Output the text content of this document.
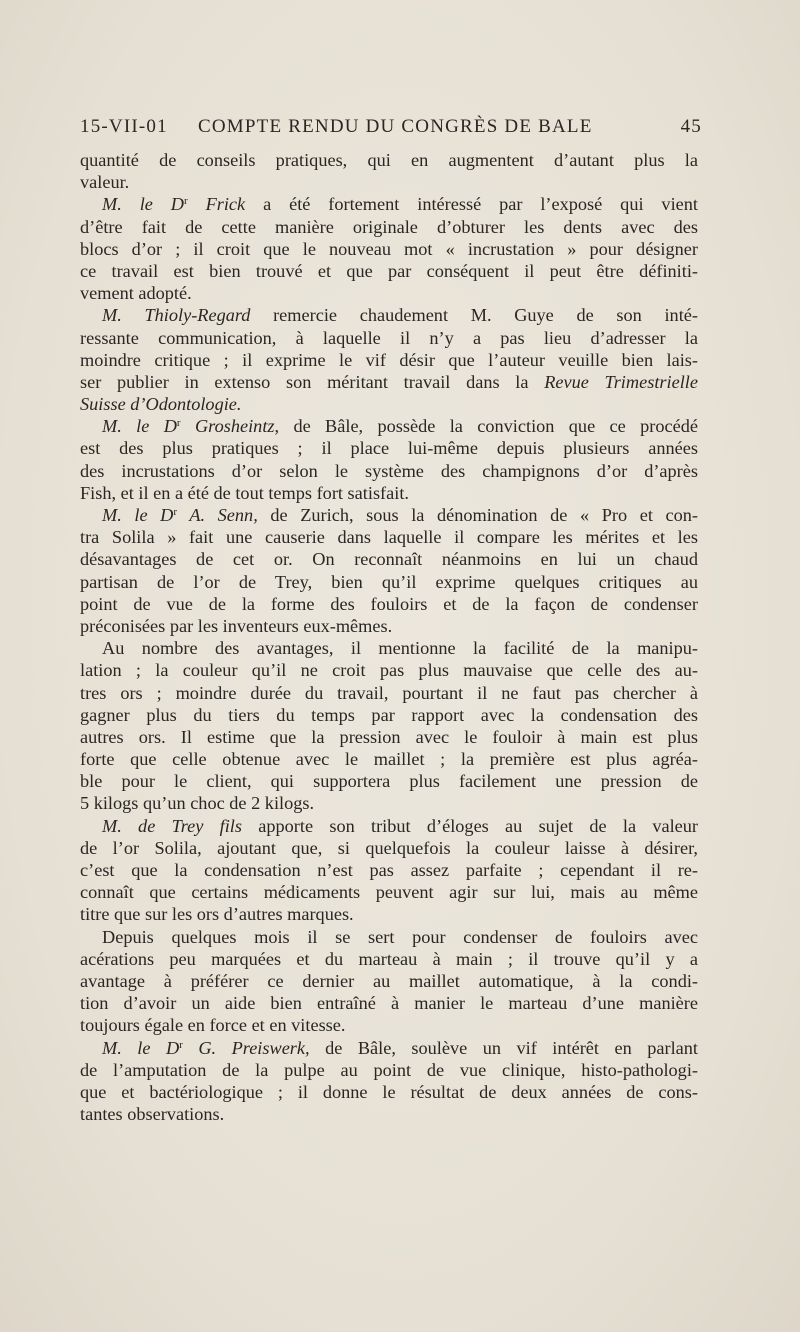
15-VII-01 COMPTE RENDU DU CONGRÈS DE BALE	45
quantité de conseils pratiques, qui en augmentent d’autant plus la
valeur.
M. le $D^r$ Frick a été fortement intéressé par l’exposé qui vient
d’être fait de cette manière originale d’obturer les dents avec des
blocs d’or ; il croit que le nouveau mot « incrustation » pour désigner
ce travail est bien trouvé et que par conséquent il peut être définiti-
vement adopté.
M. Thioly-Regard remercie chaudement M. Guye de son inté-
ressante communication, à laquelle il n’y a pas lieu d’adresser la
moindre critique ; il exprime le vif désir que l’auteur veuille bien lais-
ser publier in extenso son méritant travail dans la Revue Trimestrielle
Suisse d’Odontologie.
M. le $D^r$ Grosheintz, de Bâle, possède la conviction que ce procédé
est des plus pratiques ; il place lui-même depuis plusieurs années
des incrustations d’or selon le système des champignons d’or d’après
Fish, et il en a été de tout temps fort satisfait.
M. le $D^r$ A. Senn, de Zurich, sous la dénomination de « Pro et con-
tra Solila » fait une causerie dans laquelle il compare les mérites et les
désavantages de cet or. On reconnaît néanmoins en lui un chaud
partisan de l’or de Trey, bien qu’il exprime quelques critiques au
point de vue de la forme des fouloirs et de la façon de condenser
préconisées par les inventeurs eux-mêmes.
Au nombre des avantages, il mentionne la facilité de la manipu-
lation ; la couleur qu’il ne croit pas plus mauvaise que celle des au-
tres ors ; moindre durée du travail, pourtant il ne faut pas chercher à
gagner plus du tiers du temps par rapport avec la condensation des
autres ors. Il estime que la pression avec le fouloir à main est plus
forte que celle obtenue avec le maillet ; la première est plus agréa-
ble pour le client, qui supportera plus facilement une pression de
5 kilogs qu’un choc de 2 kilogs.
M. de Trey fils apporte son tribut d’éloges au sujet de la valeur
de l’or Solila, ajoutant que, si quelquefois la couleur laisse à désirer,
c’est que la condensation n’est pas assez parfaite ; cependant il re-
connaît que certains médicaments peuvent agir sur lui, mais au même
titre que sur les ors d’autres marques.
Depuis quelques mois il se sert pour condenser de fouloirs avec
acérations peu marquées et du marteau à main ; il trouve qu’il y a
avantage à préférer ce dernier au maillet automatique, à la condi-
tion d’avoir un aide bien entraîné à manier le marteau d’une manière
toujours égale en force et en vitesse.
M. le $D^r$ G. Preiswerk, de Bâle, soulève un vif intérêt en parlant
de l’amputation de la pulpe au point de vue clinique, histo-pathologi-
que et bactériologique ; il donne le résultat de deux années de cons-
tantes observations.
